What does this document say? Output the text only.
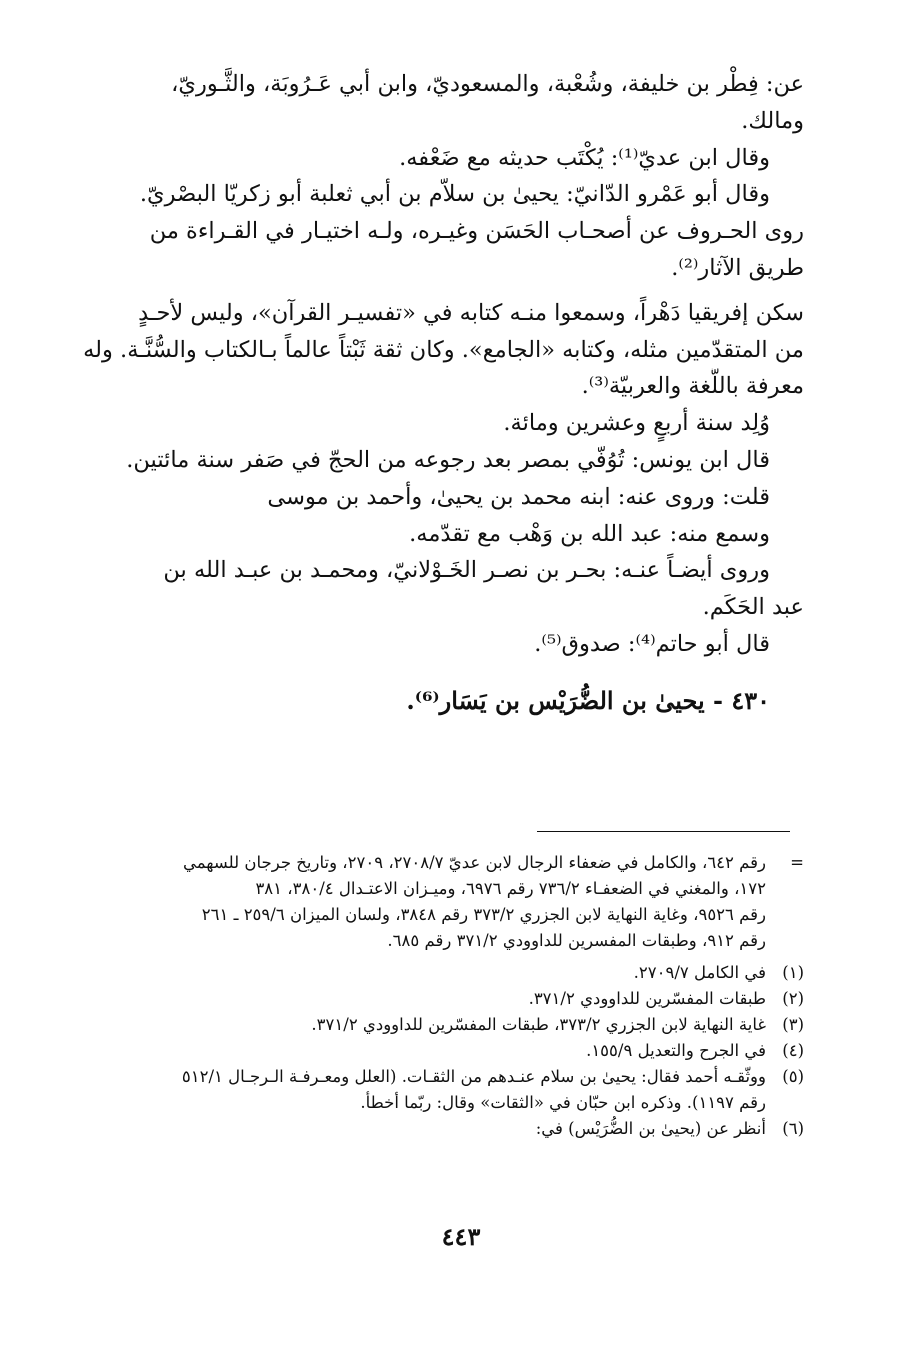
عن: فِطْر بن خليفة، وشُعْبة، والمسعوديّ، وابن أبي عَـرُوبَة، والثَّـوريّ،
ومالك.
وقال ابن عديّ⁽¹⁾: يُكْتَب حديثه مع ضَعْفه.
وقال أبو عَمْرو الدّانيّ: يحيىٰ بن سلاّم بن أبي ثعلبة أبو زكريّا البصْريّ.
روى الحـروف عن أصحـاب الحَسَن وغيـره، ولـه اختيـار في القـراءة من
طريق الآثار⁽²⁾.
سكن إفريقيا دَهْراً، وسمعوا منـه كتابه في «تفسيـر القرآن»، وليس لأحـدٍ
من المتقدّمين مثله، وكتابه «الجامع». وكان ثقة ثَبْتاً عالماً بـالكتاب والسُّنَّـة. وله
معرفة باللُّغة والعربيّة⁽³⁾.
وُلِد سنة أربعٍ وعشرين ومائة.
قال ابن يونس: تُوُفّي بمصر بعد رجوعه من الحجّ في صَفر سنة مائتين.
قلت: وروى عنه: ابنه محمد بن يحيىٰ، وأحمد بن موسى
وسمع منه: عبد الله بن وَهْب مع تقدّمه.
وروى أيضـاً عنـه: بحـر بن نصـر الخَـوْلانيّ، ومحمـد بن عبـد الله بن
عبد الحَكَم.
قال أبو حاتم⁽⁴⁾: صدوق⁽⁵⁾.
٤٣٠ - يحيىٰ بن الضُّرَيْس بن يَسَار⁽⁶⁾.
=رقم ٦٤٢، والكامل في ضعفاء الرجال لابن عديّ ٢٧٠٨/٧، ٢٧٠٩، وتاريخ جرجان للسهمي
١٧٢، والمغني في الضعفـاء ٧٣٦/٢ رقم ٦٩٧٦، وميـزان الاعتـدال ٣٨٠/٤، ٣٨١
رقم ٩٥٢٦، وغاية النهاية لابن الجزري ٣٧٣/٢ رقم ٣٨٤٨، ولسان الميزان ٢٥٩/٦ ـ ٢٦١
رقم ٩١٢، وطبقات المفسرين للداوودي ٣٧١/٢ رقم ٦٨٥.
(١)في الكامل ٢٧٠٩/٧.
(٢)طبقات المفسّرين للداوودي ٣٧١/٢.
(٣)غاية النهاية لابن الجزري ٣٧٣/٢، طبقات المفسّرين للداوودي ٣٧١/٢.
(٤)في الجرح والتعديل ١٥٥/٩.
(٥)ووثّقـه أحمد فقال: يحيىٰ بن سلام عنـدهم من الثقـات. (العلل ومعـرفـة الـرجـال ٥١٢/١
رقم ١١٩٧). وذكره ابن حبّان في «الثقات» وقال: ربّما أخطأ.
(٦)أنظر عن (يحيىٰ بن الضُّرَيْس) في:
٤٤٣
